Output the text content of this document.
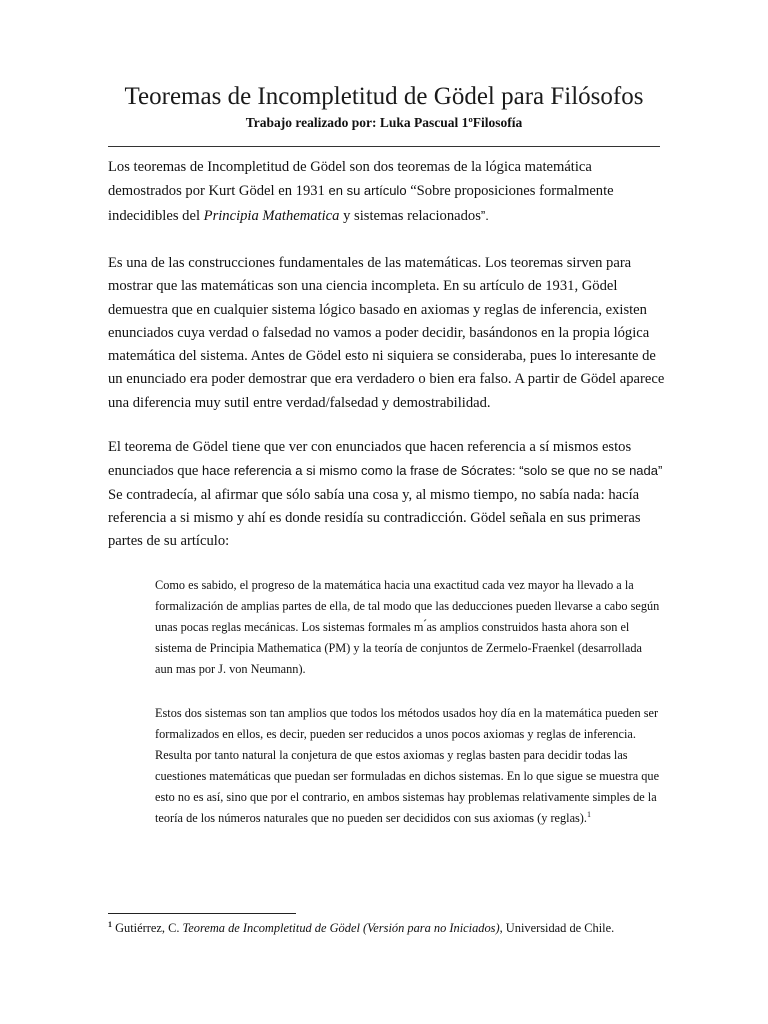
Teoremas de Incompletitud de Gödel para Filósofos

Trabajo realizado por: Luka Pascual 1ºFilosofía

Los teoremas de Incompletitud de Gödel son dos teoremas de la lógica matemática demostrados por Kurt Gödel en 1931 en su artículo “Sobre proposiciones formalmente indecidibles del Principia Mathematica y sistemas relacionados”.

Es una de las construcciones fundamentales de las matemáticas. Los teoremas sirven para mostrar que las matemáticas son una ciencia incompleta. En su artículo de 1931, Gödel demuestra que en cualquier sistema lógico basado en axiomas y reglas de inferencia, existen enunciados cuya verdad o falsedad no vamos a poder decidir, basándonos en la propia lógica matemática del sistema. Antes de Gödel esto ni siquiera se consideraba, pues lo interesante de un enunciado era poder demostrar que era verdadero o bien era falso. A partir de Gödel aparece una diferencia muy sutil entre verdad/falsedad y demostrabilidad.

El teorema de Gödel tiene que ver con enunciados que hacen referencia a sí mismos estos enunciados que hace referencia a si mismo como la frase de Sócrates: “solo se que no se nada” Se contradecía, al afirmar que sólo sabía una cosa y, al mismo tiempo, no sabía nada: hacía referencia a si mismo y ahí es donde residía su contradicción. Gödel señala en sus primeras partes de su artículo:

Como es sabido, el progreso de la matemática hacia una exactitud cada vez mayor ha llevado a la formalización de amplias partes de ella, de tal modo que las deducciones pueden llevarse a cabo según unas pocas reglas mecánicas. Los sistemas formales m ́as amplios construidos hasta ahora son el sistema de Principia Mathematica (PM) y la teoría de conjuntos de Zermelo-Fraenkel (desarrollada aun mas por J. von Neumann).

Estos dos sistemas son tan amplios que todos los métodos usados hoy día en la matemática pueden ser formalizados en ellos, es decir, pueden ser reducidos a unos pocos axiomas y reglas de inferencia. Resulta por tanto natural la conjetura de que estos axiomas y reglas basten para decidir todas las cuestiones matemáticas que puedan ser formuladas en dichos sistemas. En lo que sigue se muestra que esto no es así, sino que por el contrario, en ambos sistemas hay problemas relativamente simples de la teoría de los números naturales que no pueden ser decididos con sus axiomas (y reglas).$^1$

$^1$ Gutiérrez, C. Teorema de Incompletitud de Gödel (Versión para no Iniciados), Universidad de Chile.
